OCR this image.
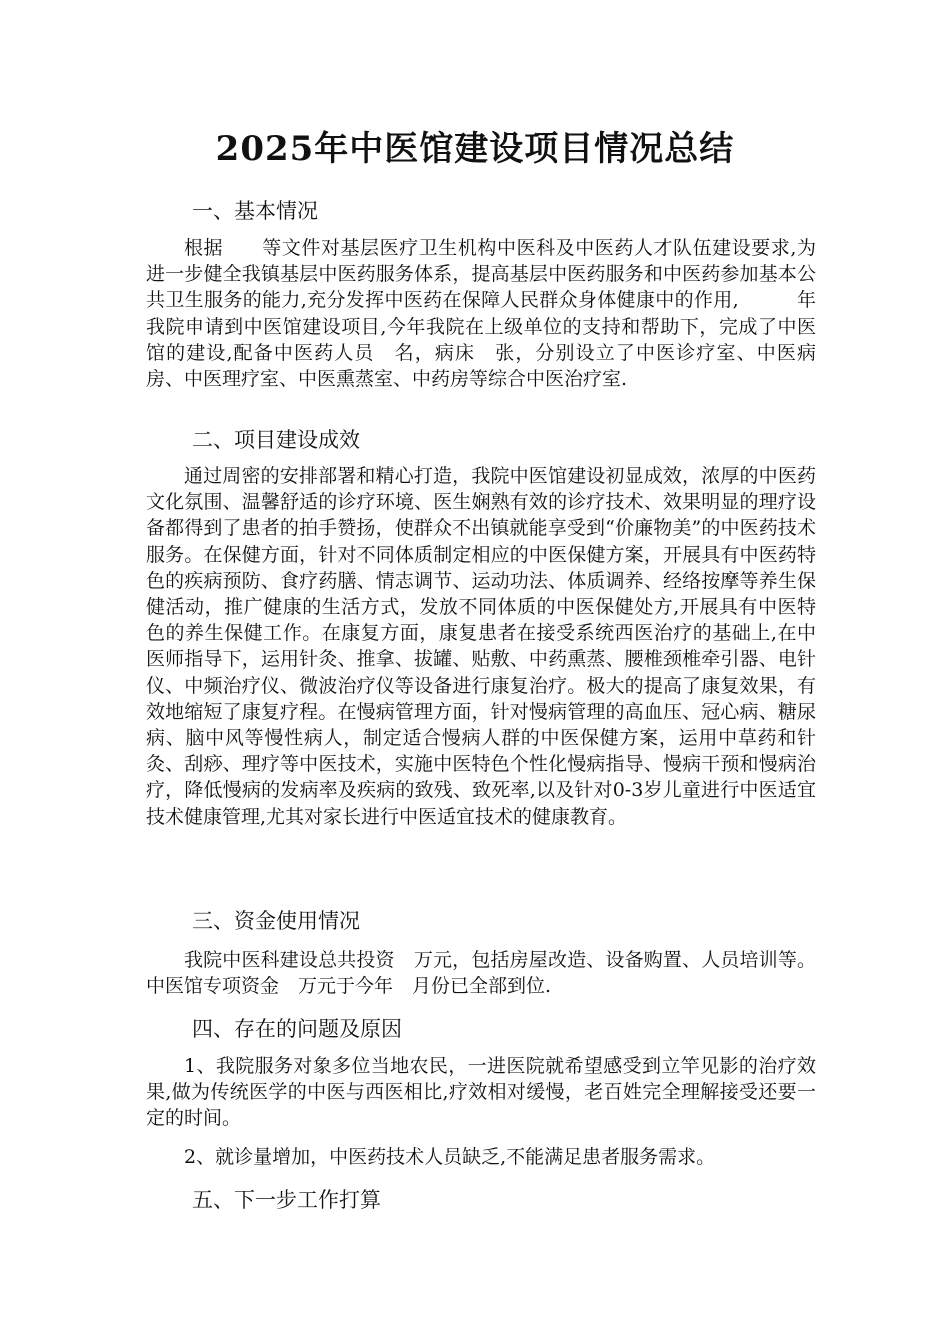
2025年中医馆建设项目情况总结
一、基本情况

根据　　等文件对基层医疗卫生机构中医科及中医药人才队伍建设要求,为进一步健全我镇基层中医药服务体系，提高基层中医药服务和中医药参加基本公共卫生服务的能力,充分发挥中医药在保障人民群众身体健康中的作用,　　　年我院申请到中医馆建设项目,今年我院在上级单位的支持和帮助下，完成了中医馆的建设,配备中医药人员　名，病床　张，分别设立了中医诊疗室、中医病房、中医理疗室、中医熏蒸室、中药房等综合中医治疗室.

二、项目建设成效

通过周密的安排部署和精心打造，我院中医馆建设初显成效，浓厚的中医药文化氛围、温馨舒适的诊疗环境、医生娴熟有效的诊疗技术、效果明显的理疗设备都得到了患者的拍手赞扬，使群众不出镇就能享受到“价廉物美”的中医药技术服务。在保健方面，针对不同体质制定相应的中医保健方案，开展具有中医药特色的疾病预防、食疗药膳、情志调节、运动功法、体质调养、经络按摩等养生保健活动，推广健康的生活方式，发放不同体质的中医保健处方,开展具有中医特色的养生保健工作。在康复方面，康复患者在接受系统西医治疗的基础上,在中医师指导下，运用针灸、推拿、拔罐、贴敷、中药熏蒸、腰椎颈椎牵引器、电针仪、中频治疗仪、微波治疗仪等设备进行康复治疗。极大的提高了康复效果，有效地缩短了康复疗程。在慢病管理方面，针对慢病管理的高血压、冠心病、糖尿病、脑中风等慢性病人，制定适合慢病人群的中医保健方案，运用中草药和针灸、刮痧、理疗等中医技术，实施中医特色个性化慢病指导、慢病干预和慢病治疗，降低慢病的发病率及疾病的致残、致死率,以及针对0-3岁儿童进行中医适宜技术健康管理,尤其对家长进行中医适宜技术的健康教育。

三、资金使用情况

我院中医科建设总共投资　万元，包括房屋改造、设备购置、人员培训等。中医馆专项资金　万元于今年　月份已全部到位.

四、存在的问题及原因

1、我院服务对象多位当地农民，一进医院就希望感受到立竿见影的治疗效果,做为传统医学的中医与西医相比,疗效相对缓慢，老百姓完全理解接受还要一定的时间。

2、就诊量增加，中医药技术人员缺乏,不能满足患者服务需求。

五、下一步工作打算
